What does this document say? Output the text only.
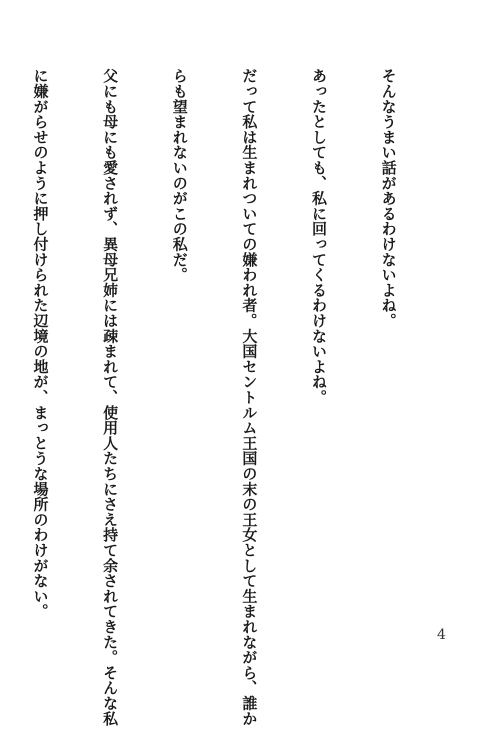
そんなうまい話があるわけないよね。

あったとしても、私に回ってくるわけないよね。

だって私は生まれついての嫌われ者。大国セントルム王国の末の王女として生まれながら、誰か

らも望まれないのがこの私だ。

父にも母にも愛されず、異母兄姉には疎まれて、使用人たちにさえ持て余されてきた。そんな私

に嫌がらせのように押し付けられた辺境の地が、まっとうな場所のわけがない。

4
